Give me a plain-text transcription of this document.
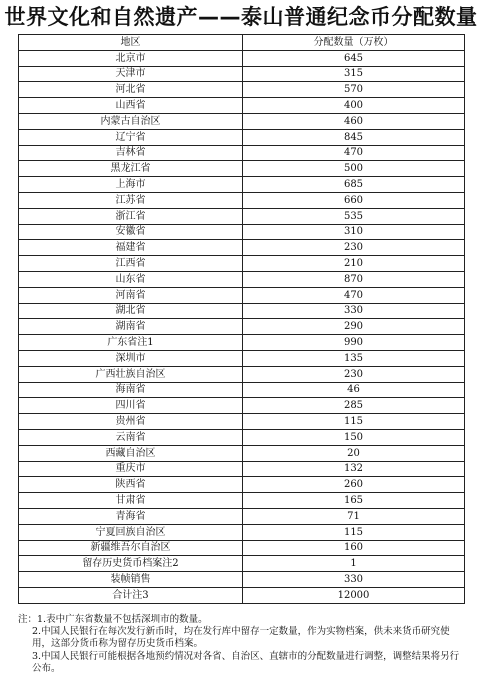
世界文化和自然遗产——泰山普通纪念币分配数量
地区	分配数量（万枚）
北京市	645
天津市	315
河北省	570
山西省	400
内蒙古自治区	460
辽宁省	845
吉林省	470
黑龙江省	500
上海市	685
江苏省	660
浙江省	535
安徽省	310
福建省	230
江西省	210
山东省	870
河南省	470
湖北省	330
湖南省	290
广东省注1	990
深圳市	135
广西壮族自治区	230
海南省	46
四川省	285
贵州省	115
云南省	150
西藏自治区	20
重庆市	132
陕西省	260
甘肃省	165
青海省	71
宁夏回族自治区	115
新疆维吾尔自治区	160
留存历史货币档案注2	1
装帧销售	330
合计注3	12000

注：1.表中广东省数量不包括深圳市的数量。

2.中国人民银行在每次发行新币时，均在发行库中留存一定数量，作为实物档案，供未来货币研究使用，这部分货币称为留存历史货币档案。

3.中国人民银行可能根据各地预约情况对各省、自治区、直辖市的分配数量进行调整，调整结果将另行公布。
